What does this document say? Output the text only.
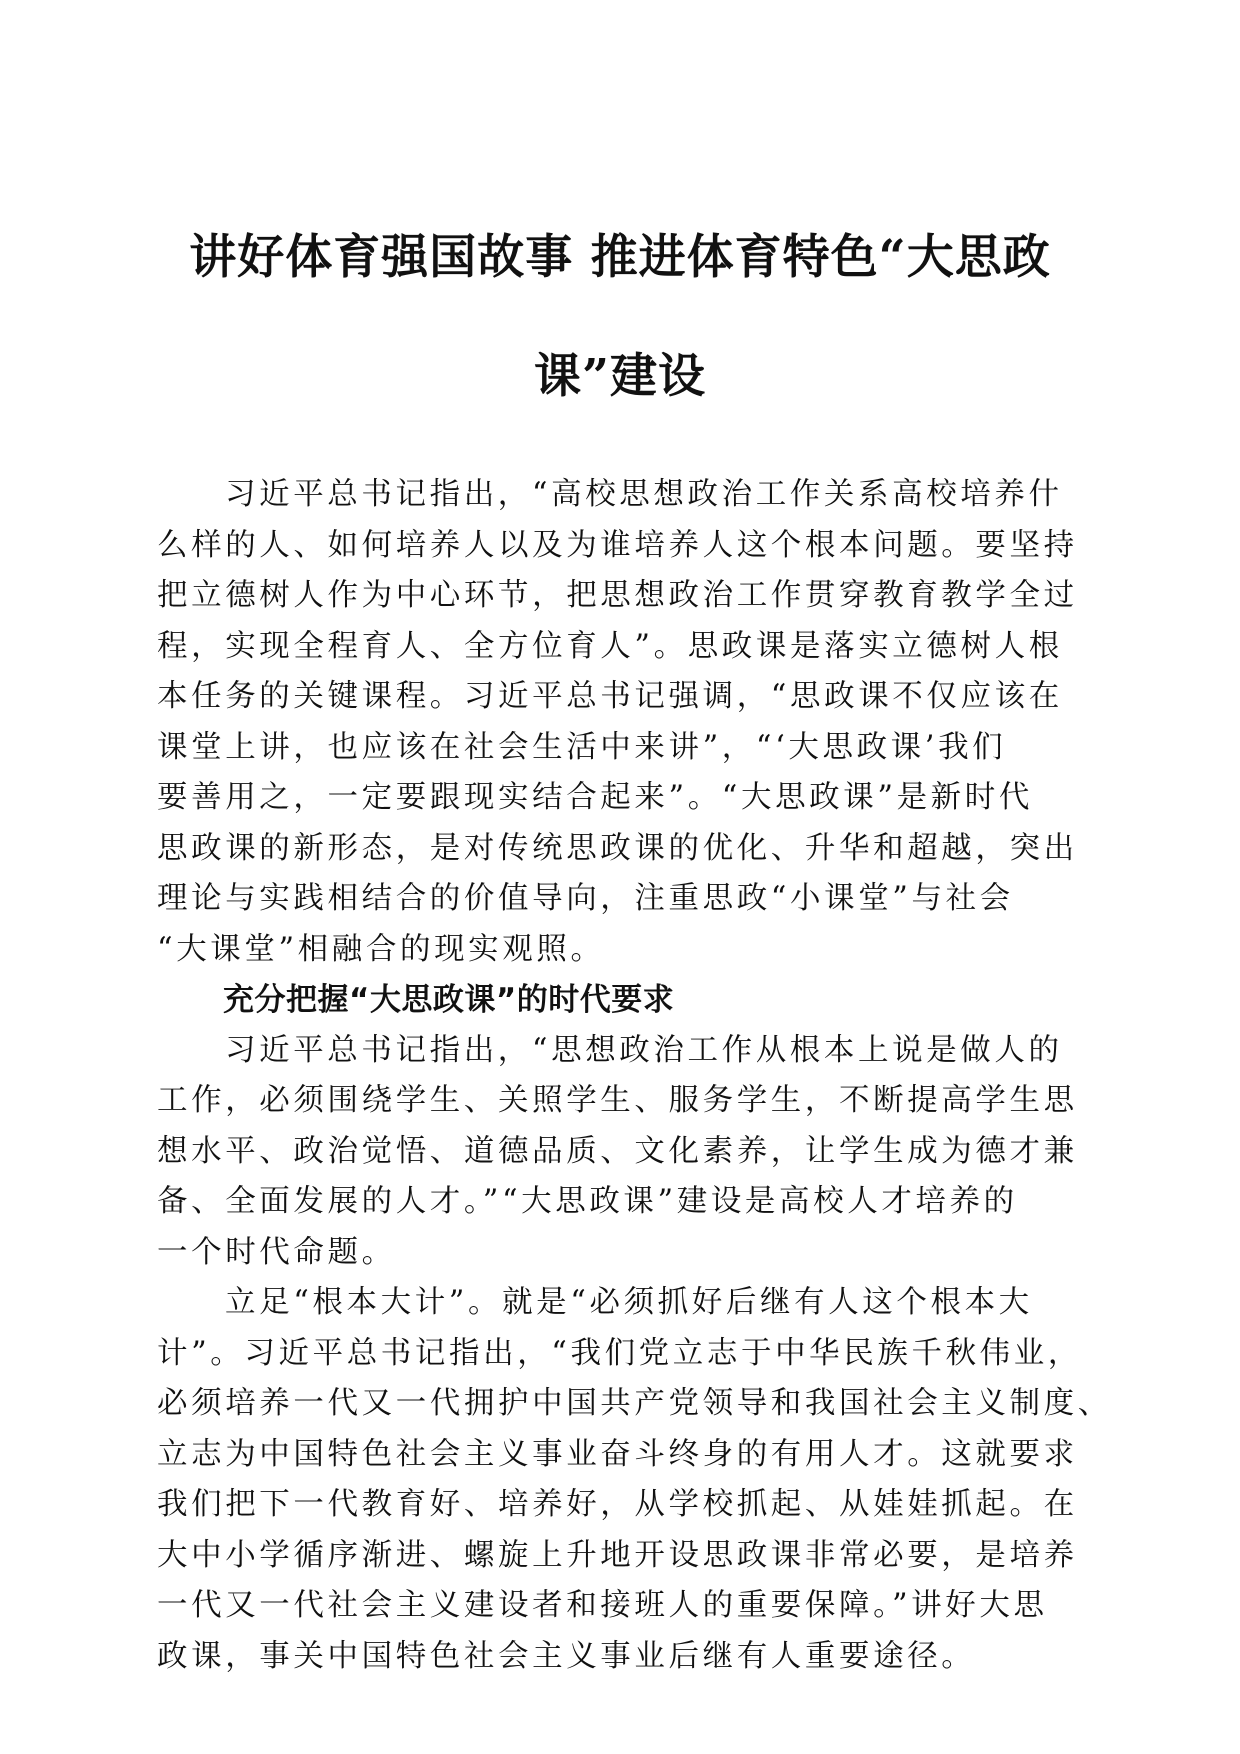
讲好体育强国故事 推进体育特色“大思政
课”建设

习近平总书记指出，“高校思想政治工作关系高校培养什

么样的人、如何培养人以及为谁培养人这个根本问题。要坚持

把立德树人作为中心环节，把思想政治工作贯穿教育教学全过

程，实现全程育人、全方位育人”。思政课是落实立德树人根

本任务的关键课程。习近平总书记强调，“思政课不仅应该在

课堂上讲，也应该在社会生活中来讲”，“‘大思政课’我们

要善用之，一定要跟现实结合起来”。“大思政课”是新时代

思政课的新形态，是对传统思政课的优化、升华和超越，突出

理论与实践相结合的价值导向，注重思政“小课堂”与社会

“大课堂”相融合的现实观照。

充分把握“大思政课”的时代要求

习近平总书记指出，“思想政治工作从根本上说是做人的

工作，必须围绕学生、关照学生、服务学生，不断提高学生思

想水平、政治觉悟、道德品质、文化素养，让学生成为德才兼

备、全面发展的人才。”“大思政课”建设是高校人才培养的

一个时代命题。

立足“根本大计”。就是“必须抓好后继有人这个根本大

计”。习近平总书记指出，“我们党立志于中华民族千秋伟业，

必须培养一代又一代拥护中国共产党领导和我国社会主义制度、

立志为中国特色社会主义事业奋斗终身的有用人才。这就要求

我们把下一代教育好、培养好，从学校抓起、从娃娃抓起。在

大中小学循序渐进、螺旋上升地开设思政课非常必要，是培养

一代又一代社会主义建设者和接班人的重要保障。”讲好大思

政课，事关中国特色社会主义事业后继有人重要途径。
